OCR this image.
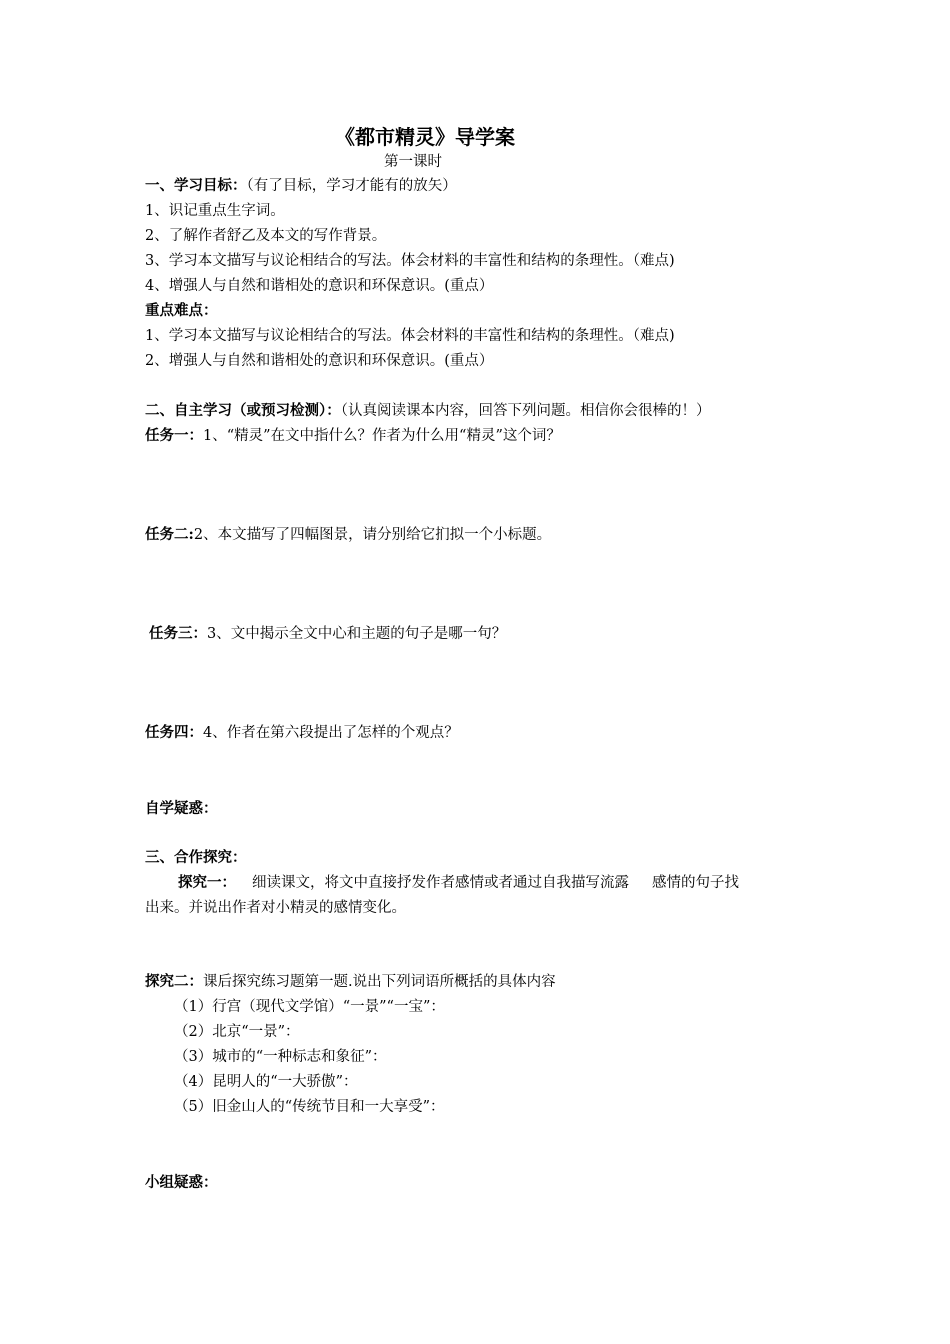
《都市精灵》导学案

第一课时

一、学习目标：（有了目标，学习才能有的放矢）

1、识记重点生字词。

2、了解作者舒乙及本文的写作背景。

3、学习本文描写与议论相结合的写法。体会材料的丰富性和结构的条理性。（难点)

4、增强人与自然和谐相处的意识和环保意识。(重点）

重点难点：

1、学习本文描写与议论相结合的写法。体会材料的丰富性和结构的条理性。（难点)

2、增强人与自然和谐相处的意识和环保意识。(重点）

二、自主学习（或预习检测）：（认真阅读课本内容，回答下列问题。相信你会很棒的！）

任务一：1、“精灵”在文中指什么？作者为什么用“精灵”这个词？

任务二:2、本文描写了四幅图景，请分别给它扪拟一个小标题。

任务三：3、文中揭示全文中心和主题的句子是哪一句？

任务四：4、作者在第六段提出了怎样的个观点？

自学疑惑：

三、合作探究：

探究一： 细读课文，将文中直接抒发作者感情或者通过自我描写流露 感情的句子找

出来。并说出作者对小精灵的感情变化。

探究二：课后探究练习题第一题.说出下列词语所概括的具体内容

（1）行宫（现代文学馆）“一景”“一宝”：

（2）北京“一景”：

（3）城市的“一种标志和象征”：

（4）昆明人的“一大骄傲”：

（5）旧金山人的“传统节目和一大享受”：

小组疑惑：
